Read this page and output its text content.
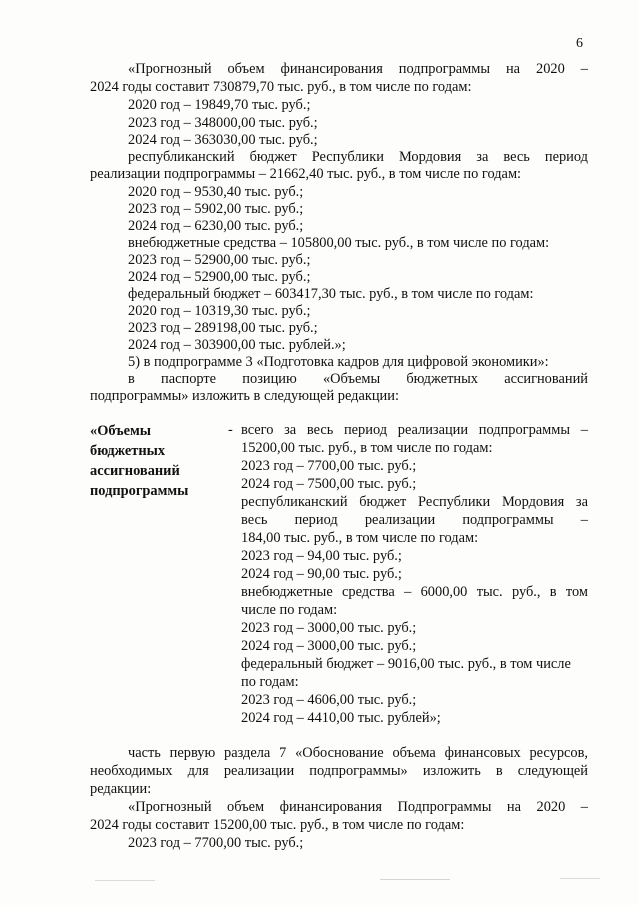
6
«Прогнозный объем финансирования подпрограммы на 2020 –
2024 годы составит 730879,70 тыс. руб., в том числе по годам:
2020 год – 19849,70 тыс. руб.;
2023 год – 348000,00 тыс. руб.;
2024 год – 363030,00 тыс. руб.;
республиканский бюджет Республики Мордовия за весь период
реализации подпрограммы – 21662,40 тыс. руб., в том числе по годам:
2020 год – 9530,40 тыс. руб.;
2023 год – 5902,00 тыс. руб.;
2024 год – 6230,00 тыс. руб.;
внебюджетные средства – 105800,00 тыс. руб., в том числе по годам:
2023 год – 52900,00 тыс. руб.;
2024 год – 52900,00 тыс. руб.;
федеральный бюджет – 603417,30 тыс. руб., в том числе по годам:
2020 год – 10319,30 тыс. руб.;
2023 год – 289198,00 тыс. руб.;
2024 год – 303900,00 тыс. рублей.»;
5) в подпрограмме 3 «Подготовка кадров для цифровой экономики»:
в паспорте позицию «Объемы бюджетных ассигнований
подпрограммы» изложить в следующей редакции:
«Объемы
бюджетных
ассигнований
подпрограммы
- всего за весь период реализации подпрограммы –
15200,00 тыс. руб., в том числе по годам:
2023 год – 7700,00 тыс. руб.;
2024 год – 7500,00 тыс. руб.;
республиканский бюджет Республики Мордовия за
весь период реализации подпрограммы –
184,00 тыс. руб., в том числе по годам:
2023 год – 94,00 тыс. руб.;
2024 год – 90,00 тыс. руб.;
внебюджетные средства – 6000,00 тыс. руб., в том
числе по годам:
2023 год – 3000,00 тыс. руб.;
2024 год – 3000,00 тыс. руб.;
федеральный бюджет – 9016,00 тыс. руб., в том числе
по годам:
2023 год – 4606,00 тыс. руб.;
2024 год – 4410,00 тыс. рублей»;
часть первую раздела 7 «Обоснование объема финансовых ресурсов,
необходимых для реализации подпрограммы» изложить в следующей
редакции:
«Прогнозный объем финансирования Подпрограммы на 2020 –
2024 годы составит 15200,00 тыс. руб., в том числе по годам:
2023 год – 7700,00 тыс. руб.;
